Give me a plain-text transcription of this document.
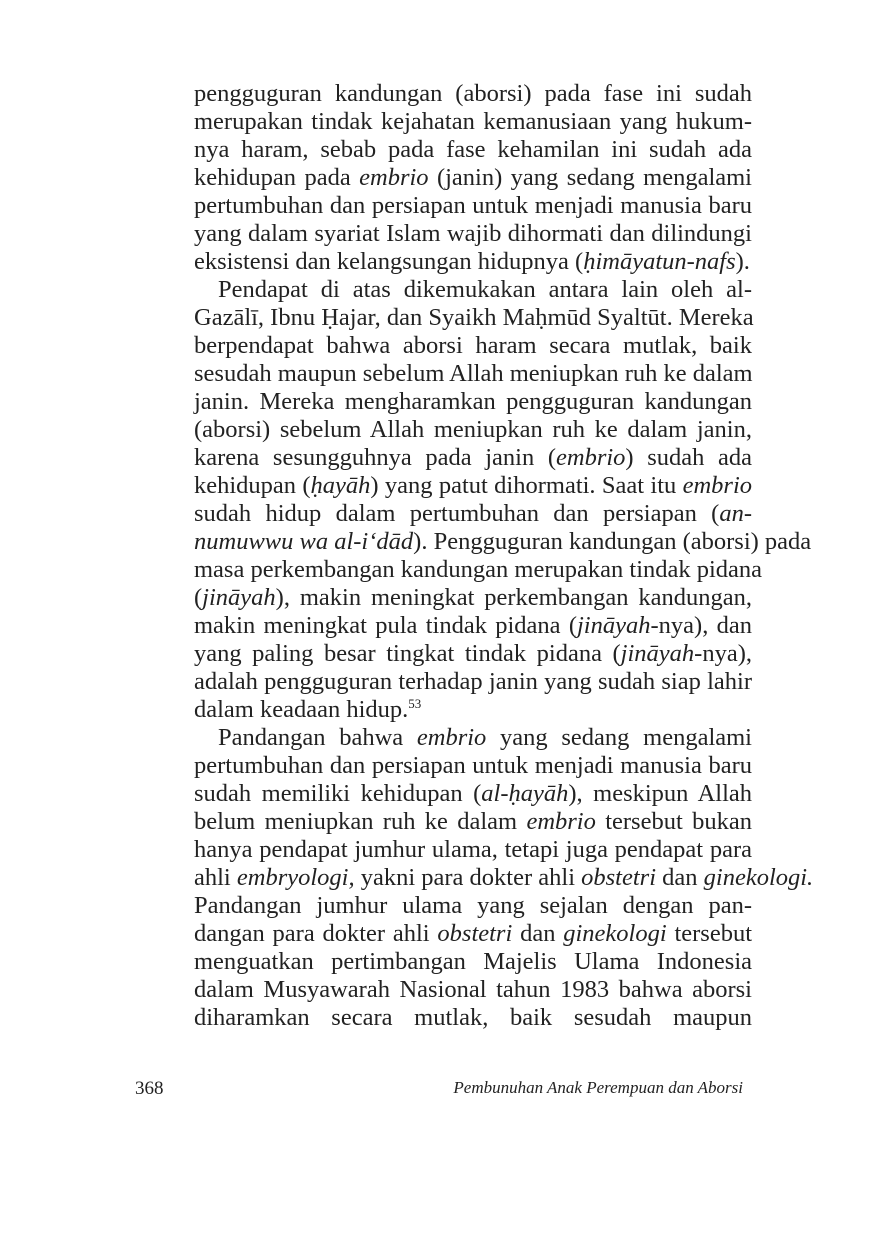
pengguguran kandungan (aborsi) pada fase ini sudah
merupakan tindak kejahatan kemanusiaan yang hukum-
nya haram, sebab pada fase kehamilan ini sudah ada
kehidupan pada embrio (janin) yang sedang mengalami
pertumbuhan dan persiapan untuk menjadi manusia baru
yang dalam syariat Islam wajib dihormati dan dilindungi
eksistensi dan kelangsungan hidupnya (ḥimāyatun-nafs).
Pendapat di atas dikemukakan antara lain oleh al-
Gazālī, Ibnu Ḥajar, dan Syaikh Maḥmūd Syaltūt. Mereka
berpendapat bahwa aborsi haram secara mutlak, baik
sesudah maupun sebelum Allah meniupkan ruh ke dalam
janin. Mereka mengharamkan pengguguran kandungan
(aborsi) sebelum Allah meniupkan ruh ke dalam janin,
karena sesungguhnya pada janin (embrio) sudah ada
kehidupan (ḥayāh) yang patut dihormati. Saat itu embrio
sudah hidup dalam pertumbuhan dan persiapan (an-
numuwwu wa al-i‘dād). Pengguguran kandungan (aborsi) pada
masa perkembangan kandungan merupakan tindak pidana
(jināyah), makin meningkat perkembangan kandungan,
makin meningkat pula tindak pidana (jināyah-nya), dan
yang paling besar tingkat tindak pidana (jināyah-nya),
adalah pengguguran terhadap janin yang sudah siap lahir
dalam keadaan hidup.$^{53}$
Pandangan bahwa embrio yang sedang mengalami
pertumbuhan dan persiapan untuk menjadi manusia baru
sudah memiliki kehidupan (al-ḥayāh), meskipun Allah
belum meniupkan ruh ke dalam embrio tersebut bukan
hanya pendapat jumhur ulama, tetapi juga pendapat para
ahli embryologi, yakni para dokter ahli obstetri dan ginekologi.
Pandangan jumhur ulama yang sejalan dengan pan-
dangan para dokter ahli obstetri dan ginekologi tersebut
menguatkan pertimbangan Majelis Ulama Indonesia
dalam Musyawarah Nasional tahun 1983 bahwa aborsi
diharamkan secara mutlak, baik sesudah maupun
368	Pembunuhan Anak Perempuan dan Aborsi
